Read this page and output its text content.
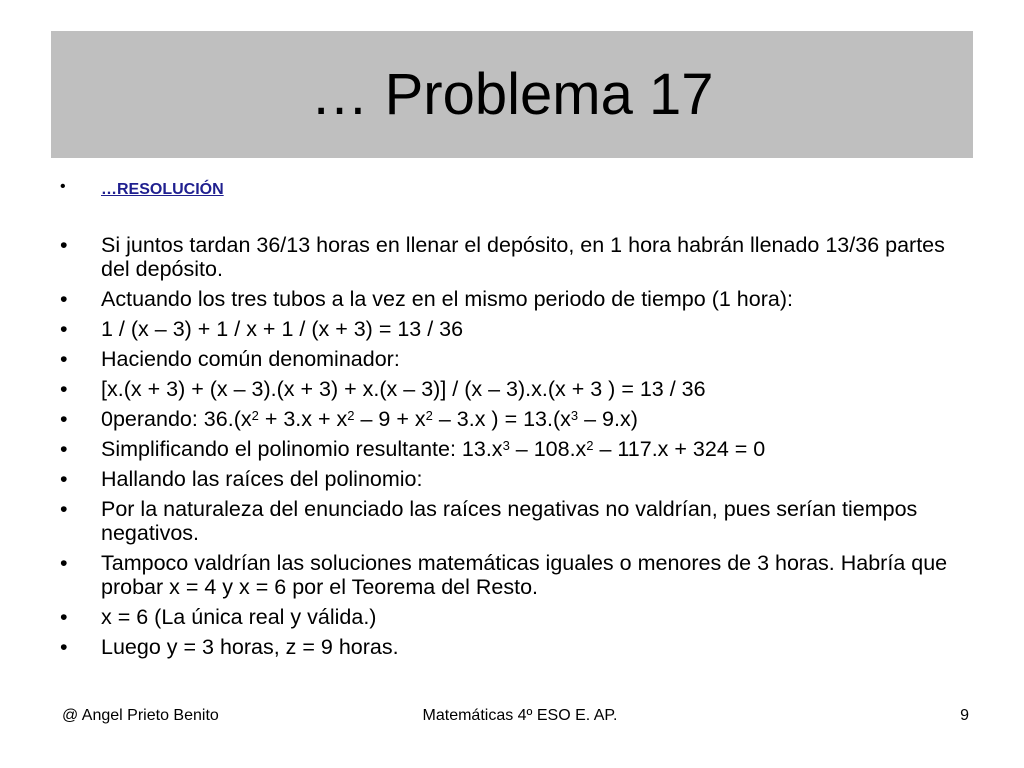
… Problema 17
•	…RESOLUCIÓN
•	Si juntos tardan 36/13 horas en llenar el depósito, en 1 hora habrán llenado 13/36 partes del depósito.
•	Actuando los tres tubos a la vez en el mismo periodo de tiempo (1 hora):
•	1 / (x – 3) + 1 / x + 1 / (x + 3) = 13 / 36
•	Haciendo común denominador:
•	[x.(x + 3) + (x – 3).(x + 3) + x.(x – 3)] / (x – 3).x.(x + 3 ) = 13 / 36
•	0perando: $36.(x^2 + 3.x + x^2 - 9 + x^2 - 3.x$ ) = $13.(x^3 - 9.x)$
•	Simplificando el polinomio resultante: $13.x^3 - 108.x^2 - 117.x + 324 = 0$
•	Hallando las raíces del polinomio:
•	Por la naturaleza del enunciado las raíces negativas no valdrían, pues serían tiempos negativos.
•	Tampoco valdrían las soluciones matemáticas iguales o menores de 3 horas. Habría que probar x = 4 y x = 6 por el Teorema del Resto.
•	x = 6 (La única real y válida.)
•	Luego y = 3 horas, z = 9 horas.
@ Angel Prieto Benito	Matemáticas 4º ESO E. AP.	9
